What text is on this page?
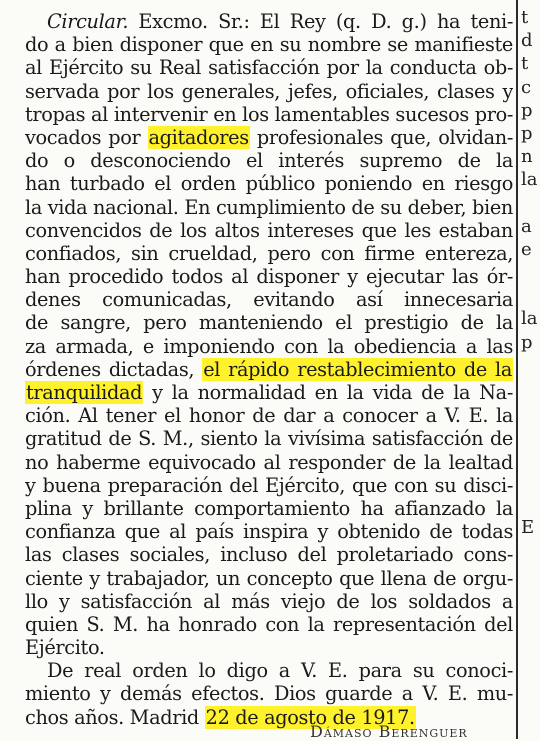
Circular. Excmo. Sr.: El Rey (q. D. g.) ha teni-
do a bien disponer que en su nombre se manifieste
al Ejército su Real satisfacción por la conducta ob-
servada por los generales, jefes, oficiales, clases y
tropas al intervenir en los lamentables sucesos pro-
vocados por agitadores profesionales que, olvidan-
do o desconociendo el interés supremo de la
han turbado el orden público poniendo en riesgo
la vida nacional. En cumplimiento de su deber, bien
convencidos de los altos intereses que les estaban
confiados, sin crueldad, pero con firme entereza,
han procedido todos al disponer y ejecutar las ór-
denes comunicadas, evitando así innecesaria
de sangre, pero manteniendo el prestigio de la
za armada, e imponiendo con la obediencia a las
órdenes dictadas, el rápido restablecimiento de la
tranquilidad y la normalidad en la vida de la Na-
ción. Al tener el honor de dar a conocer a V. E. la
gratitud de S. M., siento la vivísima satisfacción de
no haberme equivocado al responder de la lealtad
y buena preparación del Ejército, que con su disci-
plina y brillante comportamiento ha afianzado la
confianza que al país inspira y obtenido de todas
las clases sociales, incluso del proletariado cons-
ciente y trabajador, un concepto que llena de orgu-
llo y satisfacción al más viejo de los soldados a
quien S. M. ha honrado con la representación del
Ejército.
De real orden lo digo a V. E. para su conoci-
miento y demás efectos. Dios guarde a V. E. mu-
chos años. Madrid 22 de agosto de 1917.
t
d
t
c
p
p
n
la
a
e
la
p
E
Dámaso Berenguer
